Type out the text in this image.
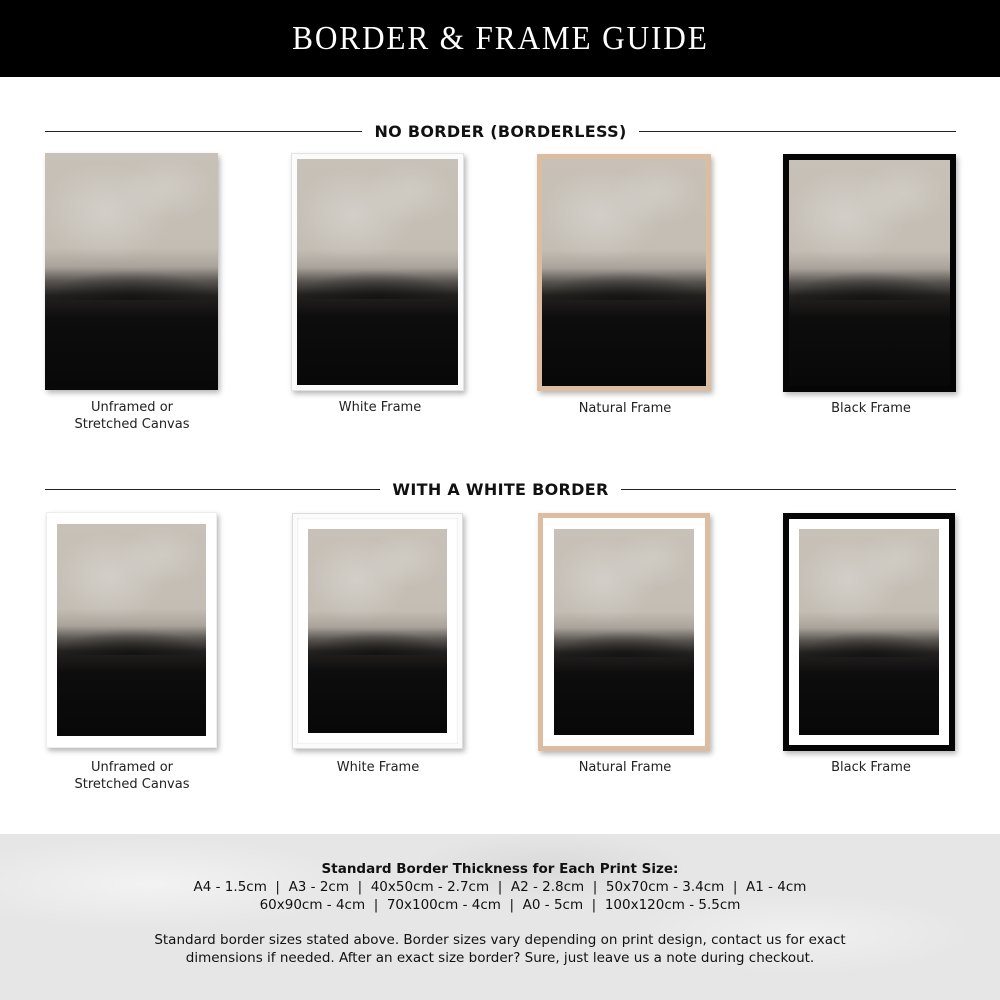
BORDER & FRAME GUIDE
NO BORDER (BORDERLESS)
Unframed or
Stretched Canvas
White Frame	Natural Frame	Black Frame
WITH A WHITE BORDER
Unframed or
Stretched Canvas
White Frame	Natural Frame	Black Frame
Standard Border Thickness for Each Print Size:
A4 - 1.5cm  |  A3 - 2cm  |  40x50cm - 2.7cm  |  A2 - 2.8cm  |  50x70cm - 3.4cm  |  A1 - 4cm
60x90cm - 4cm  |  70x100cm - 4cm  |  A0 - 5cm  |  100x120cm - 5.5cm
Standard border sizes stated above. Border sizes vary depending on print design, contact us for exact
dimensions if needed. After an exact size border? Sure, just leave us a note during checkout.
